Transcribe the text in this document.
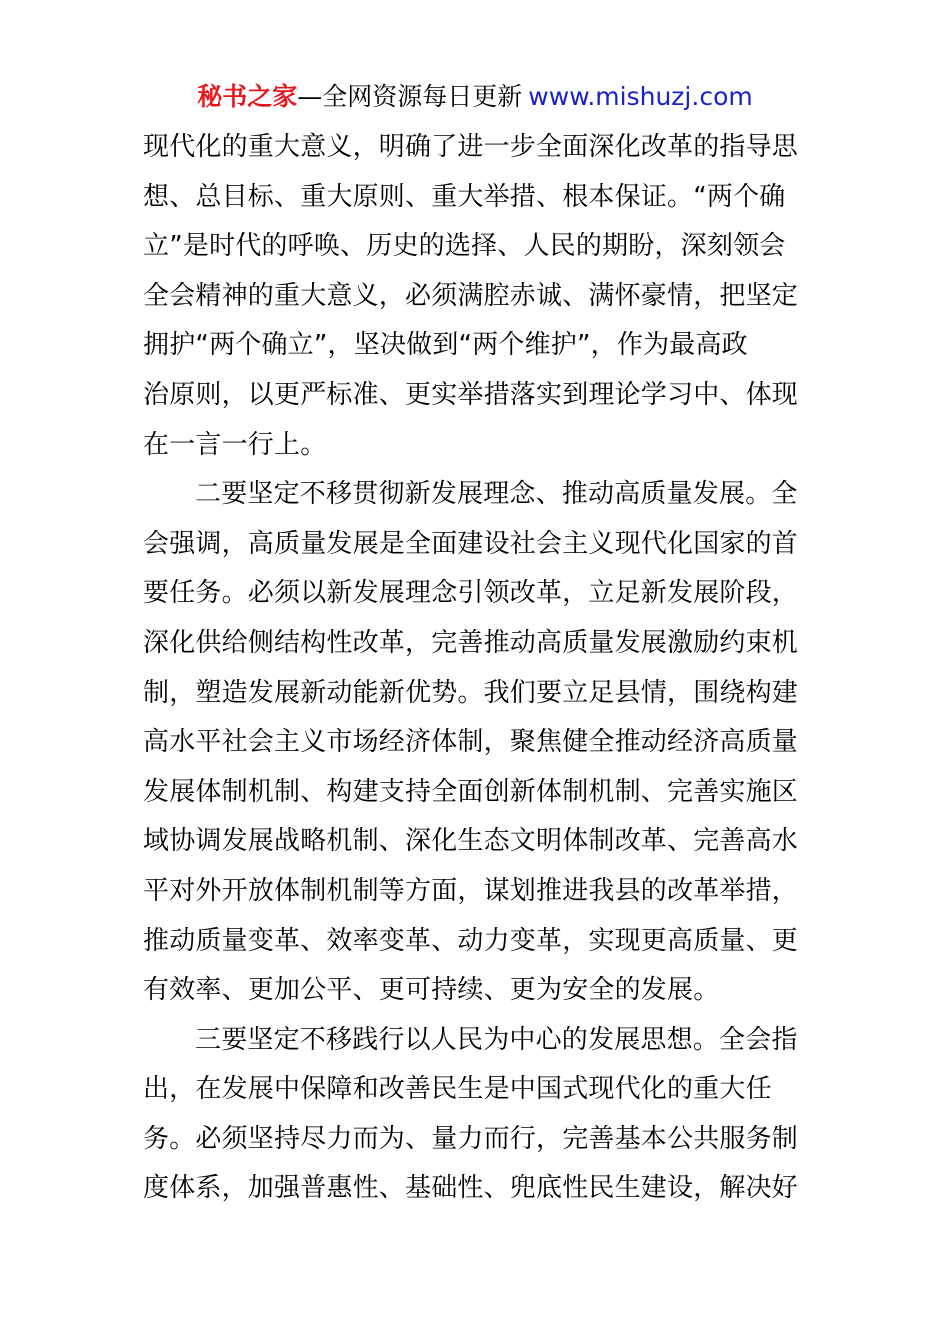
秘书之家—全网资源每日更新 www.mishuzj.com
现代化的重大意义，明确了进一步全面深化改革的指导思
想、总目标、重大原则、重大举措、根本保证。“两个确
立”是时代的呼唤、历史的选择、人民的期盼，深刻领会
全会精神的重大意义，必须满腔赤诚、满怀豪情，把坚定
拥护“两个确立”，坚决做到“两个维护”，作为最高政
治原则，以更严标准、更实举措落实到理论学习中、体现
在一言一行上。
二要坚定不移贯彻新发展理念、推动高质量发展。全
会强调，高质量发展是全面建设社会主义现代化国家的首
要任务。必须以新发展理念引领改革，立足新发展阶段，
深化供给侧结构性改革，完善推动高质量发展激励约束机
制，塑造发展新动能新优势。我们要立足县情，围绕构建
高水平社会主义市场经济体制，聚焦健全推动经济高质量
发展体制机制、构建支持全面创新体制机制、完善实施区
域协调发展战略机制、深化生态文明体制改革、完善高水
平对外开放体制机制等方面，谋划推进我县的改革举措，
推动质量变革、效率变革、动力变革，实现更高质量、更
有效率、更加公平、更可持续、更为安全的发展。
三要坚定不移践行以人民为中心的发展思想。全会指
出，在发展中保障和改善民生是中国式现代化的重大任
务。必须坚持尽力而为、量力而行，完善基本公共服务制
度体系，加强普惠性、基础性、兜底性民生建设，解决好
